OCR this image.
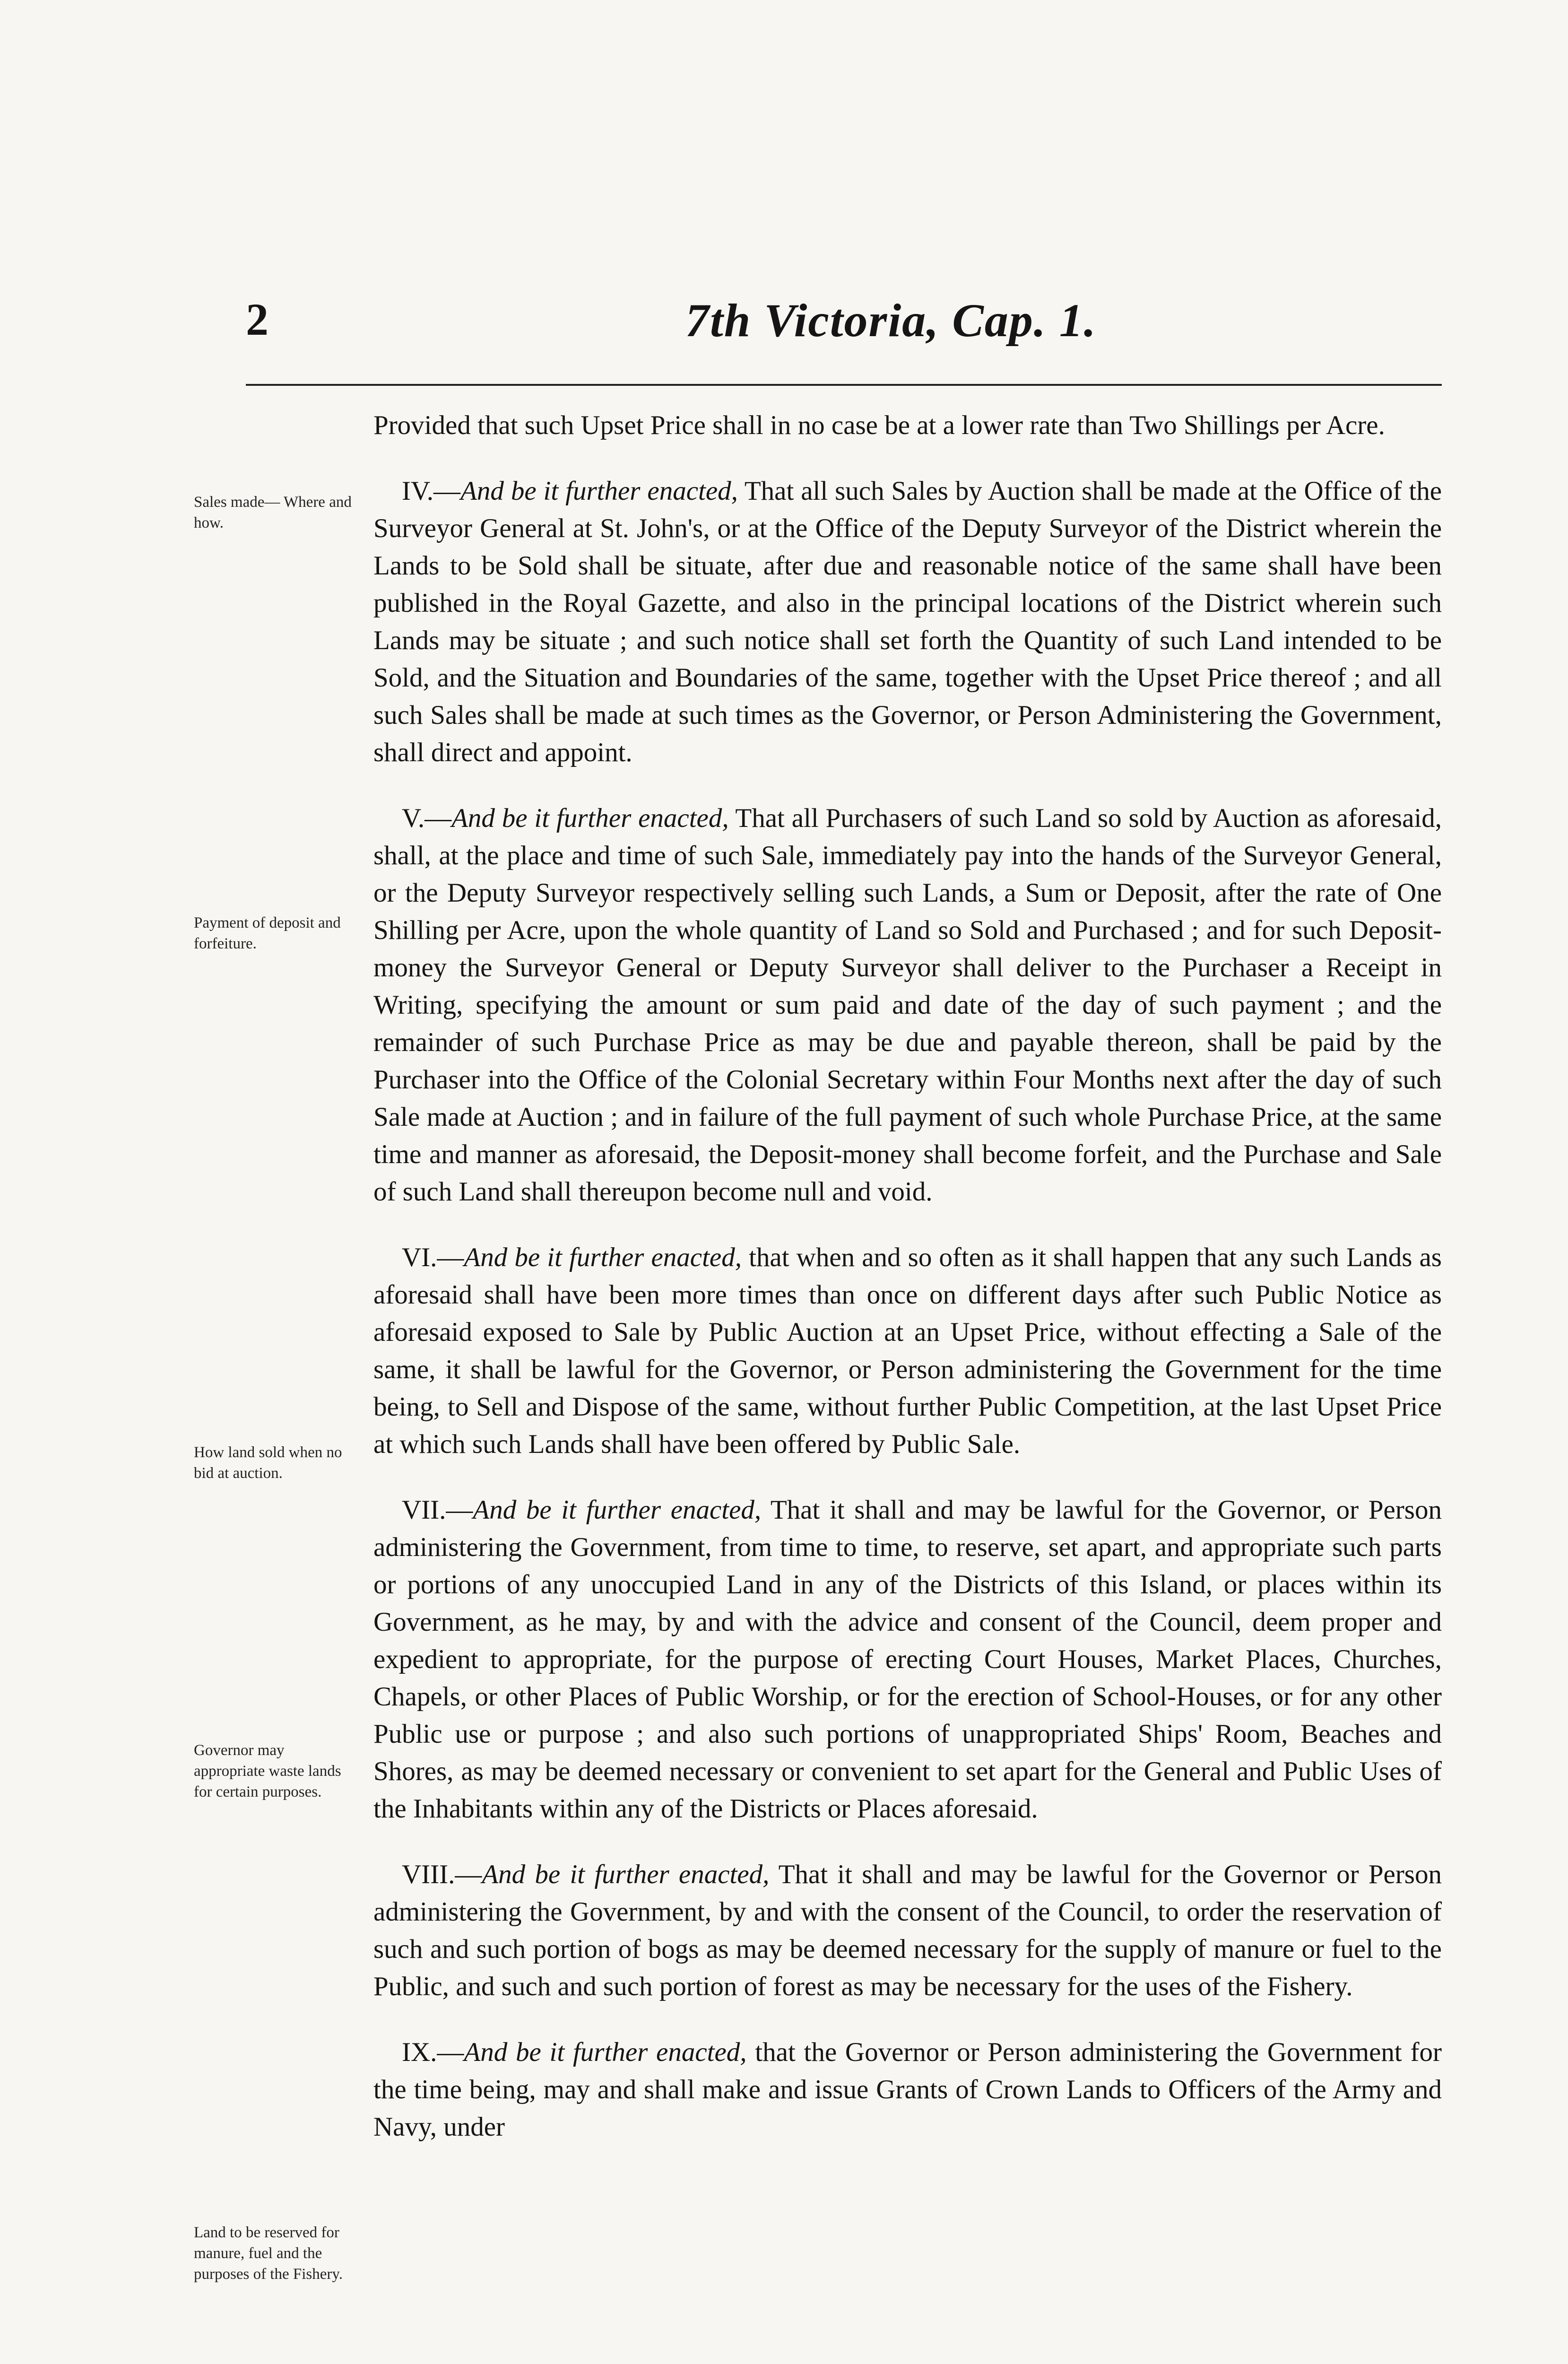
2	7th Victoria, Cap. 1.
Sales made— Where and how.
Payment of deposit and forfeiture.
How land sold when no bid at auction.
Governor may appropriate waste lands for certain purposes.
Land to be reserved for manure, fuel and the purposes of the Fishery.

Provided that such Upset Price shall in no case be at a lower rate than Two Shillings per Acre.

IV.—And be it further enacted, That all such Sales by Auction shall be made at the Office of the Surveyor General at St. John's, or at the Office of the Deputy Surveyor of the District wherein the Lands to be Sold shall be situate, after due and reasonable notice of the same shall have been published in the Royal Gazette, and also in the principal locations of the District wherein such Lands may be situate ; and such notice shall set forth the Quantity of such Land intended to be Sold, and the Situation and Boundaries of the same, together with the Upset Price thereof ; and all such Sales shall be made at such times as the Governor, or Person Administering the Government, shall direct and appoint.

V.—And be it further enacted, That all Purchasers of such Land so sold by Auction as aforesaid, shall, at the place and time of such Sale, immediately pay into the hands of the Surveyor General, or the Deputy Surveyor respectively selling such Lands, a Sum or Deposit, after the rate of One Shilling per Acre, upon the whole quantity of Land so Sold and Purchased ; and for such Deposit-money the Surveyor General or Deputy Surveyor shall deliver to the Purchaser a Receipt in Writing, specifying the amount or sum paid and date of the day of such payment ; and the remainder of such Purchase Price as may be due and payable thereon, shall be paid by the Purchaser into the Office of the Colonial Secretary within Four Months next after the day of such Sale made at Auction ; and in failure of the full payment of such whole Purchase Price, at the same time and manner as aforesaid, the Deposit-money shall become forfeit, and the Purchase and Sale of such Land shall thereupon become null and void.

VI.—And be it further enacted, that when and so often as it shall happen that any such Lands as aforesaid shall have been more times than once on different days after such Public Notice as aforesaid exposed to Sale by Public Auction at an Upset Price, without effecting a Sale of the same, it shall be lawful for the Governor, or Person administering the Government for the time being, to Sell and Dispose of the same, without further Public Competition, at the last Upset Price at which such Lands shall have been offered by Public Sale.

VII.—And be it further enacted, That it shall and may be lawful for the Governor, or Person administering the Government, from time to time, to reserve, set apart, and appropriate such parts or portions of any unoccupied Land in any of the Districts of this Island, or places within its Government, as he may, by and with the advice and consent of the Council, deem proper and expedient to appropriate, for the purpose of erecting Court Houses, Market Places, Churches, Chapels, or other Places of Public Worship, or for the erection of School-Houses, or for any other Public use or purpose ; and also such portions of unappropriated Ships' Room, Beaches and Shores, as may be deemed necessary or convenient to set apart for the General and Public Uses of the Inhabitants within any of the Districts or Places aforesaid.

VIII.—And be it further enacted, That it shall and may be lawful for the Governor or Person administering the Government, by and with the consent of the Council, to order the reservation of such and such portion of bogs as may be deemed necessary for the supply of manure or fuel to the Public, and such and such portion of forest as may be necessary for the uses of the Fishery.

IX.—And be it further enacted, that the Governor or Person administering the Government for the time being, may and shall make and issue Grants of Crown Lands to Officers of the Army and Navy, under
